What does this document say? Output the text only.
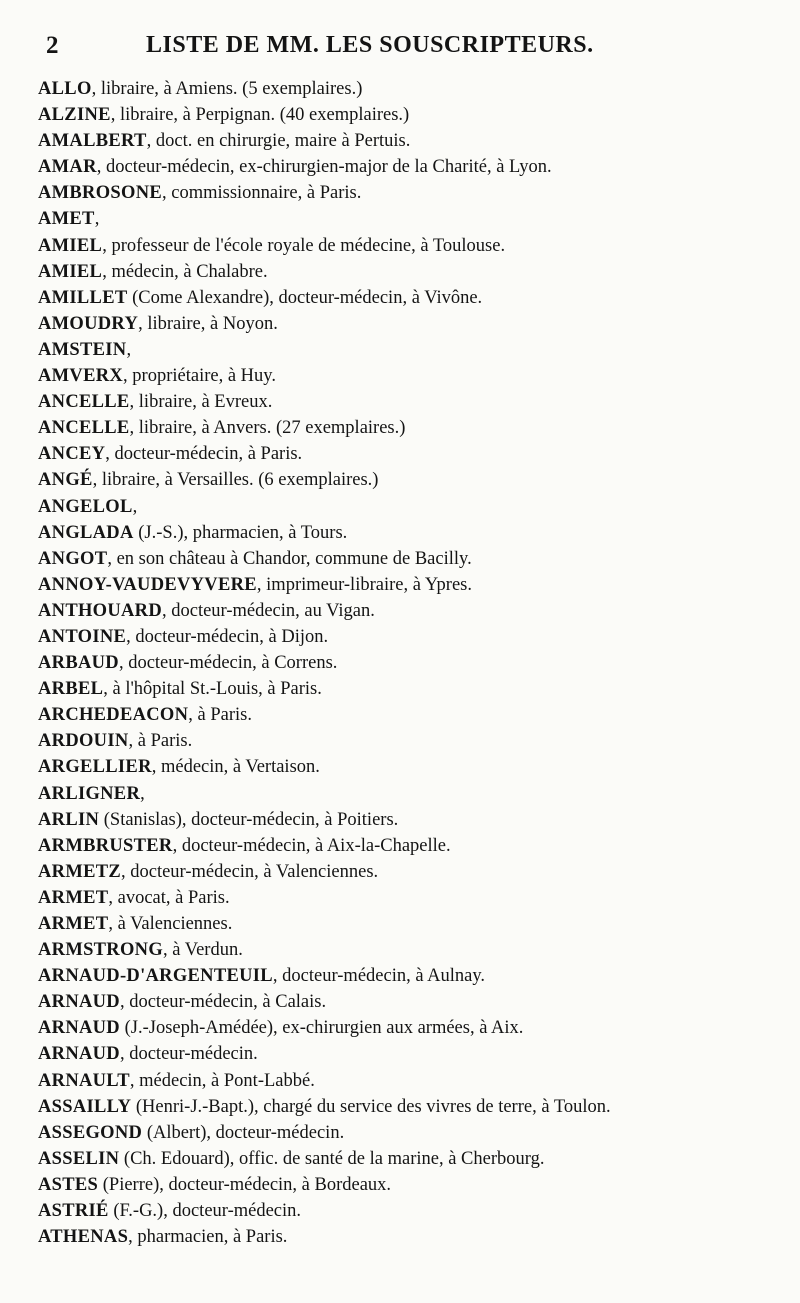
2	LISTE DE MM. LES SOUSCRIPTEURS.
ALLO, libraire, à Amiens. (5 exemplaires.)
ALZINE, libraire, à Perpignan. (40 exemplaires.)
AMALBERT, doct. en chirurgie, maire à Pertuis.
AMAR, docteur-médecin, ex-chirurgien-major de la Charité, à Lyon.
AMBROSONE, commissionnaire, à Paris.
AMET,
AMIEL, professeur de l'école royale de médecine, à Toulouse.
AMIEL, médecin, à Chalabre.
AMILLET (Come Alexandre), docteur-médecin, à Vivône.
AMOUDRY, libraire, à Noyon.
AMSTEIN,
AMVERX, propriétaire, à Huy.
ANCELLE, libraire, à Evreux.
ANCELLE, libraire, à Anvers. (27 exemplaires.)
ANCEY, docteur-médecin, à Paris.
ANGÉ, libraire, à Versailles. (6 exemplaires.)
ANGELOL,
ANGLADA (J.-S.), pharmacien, à Tours.
ANGOT, en son château à Chandor, commune de Bacilly.
ANNOY-VAUDEVYVERE, imprimeur-libraire, à Ypres.
ANTHOUARD, docteur-médecin, au Vigan.
ANTOINE, docteur-médecin, à Dijon.
ARBAUD, docteur-médecin, à Correns.
ARBEL, à l'hôpital St.-Louis, à Paris.
ARCHEDEACON, à Paris.
ARDOUIN, à Paris.
ARGELLIER, médecin, à Vertaison.
ARLIGNER,
ARLIN (Stanislas), docteur-médecin, à Poitiers.
ARMBRUSTER, docteur-médecin, à Aix-la-Chapelle.
ARMETZ, docteur-médecin, à Valenciennes.
ARMET, avocat, à Paris.
ARMET, à Valenciennes.
ARMSTRONG, à Verdun.
ARNAUD-D'ARGENTEUIL, docteur-médecin, à Aulnay.
ARNAUD, docteur-médecin, à Calais.
ARNAUD (J.-Joseph-Amédée), ex-chirurgien aux armées, à Aix.
ARNAUD, docteur-médecin.
ARNAULT, médecin, à Pont-Labbé.
ASSAILLY (Henri-J.-Bapt.), chargé du service des vivres de terre, à Toulon.
ASSEGOND (Albert), docteur-médecin.
ASSELIN (Ch. Edouard), offic. de santé de la marine, à Cherbourg.
ASTES (Pierre), docteur-médecin, à Bordeaux.
ASTRIÉ (F.-G.), docteur-médecin.
ATHENAS, pharmacien, à Paris.
